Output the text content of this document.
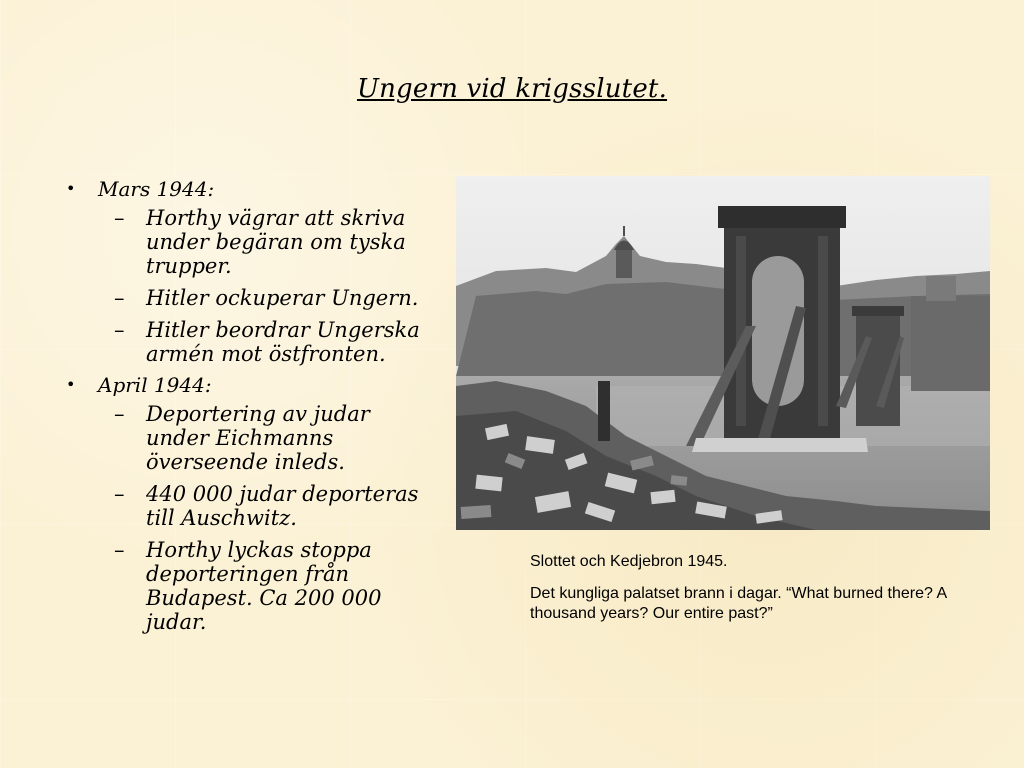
Ungern vid krigsslutet.
• Mars 1944:
– Horthy vägrar att skriva under begäran om tyska trupper.
– Hitler ockuperar Ungern.
– Hitler beordrar Ungerska armén mot östfronten.
• April 1944:
– Deportering av judar under Eichmanns överseende inleds.
– 440 000 judar deporteras till Auschwitz.
– Horthy lyckas stoppa deporteringen från Budapest. Ca 200 000 judar.

Slottet och Kedjebron 1945.

Det kungliga palatset brann i dagar. “What burned there? A thousand years? Our entire past?”
